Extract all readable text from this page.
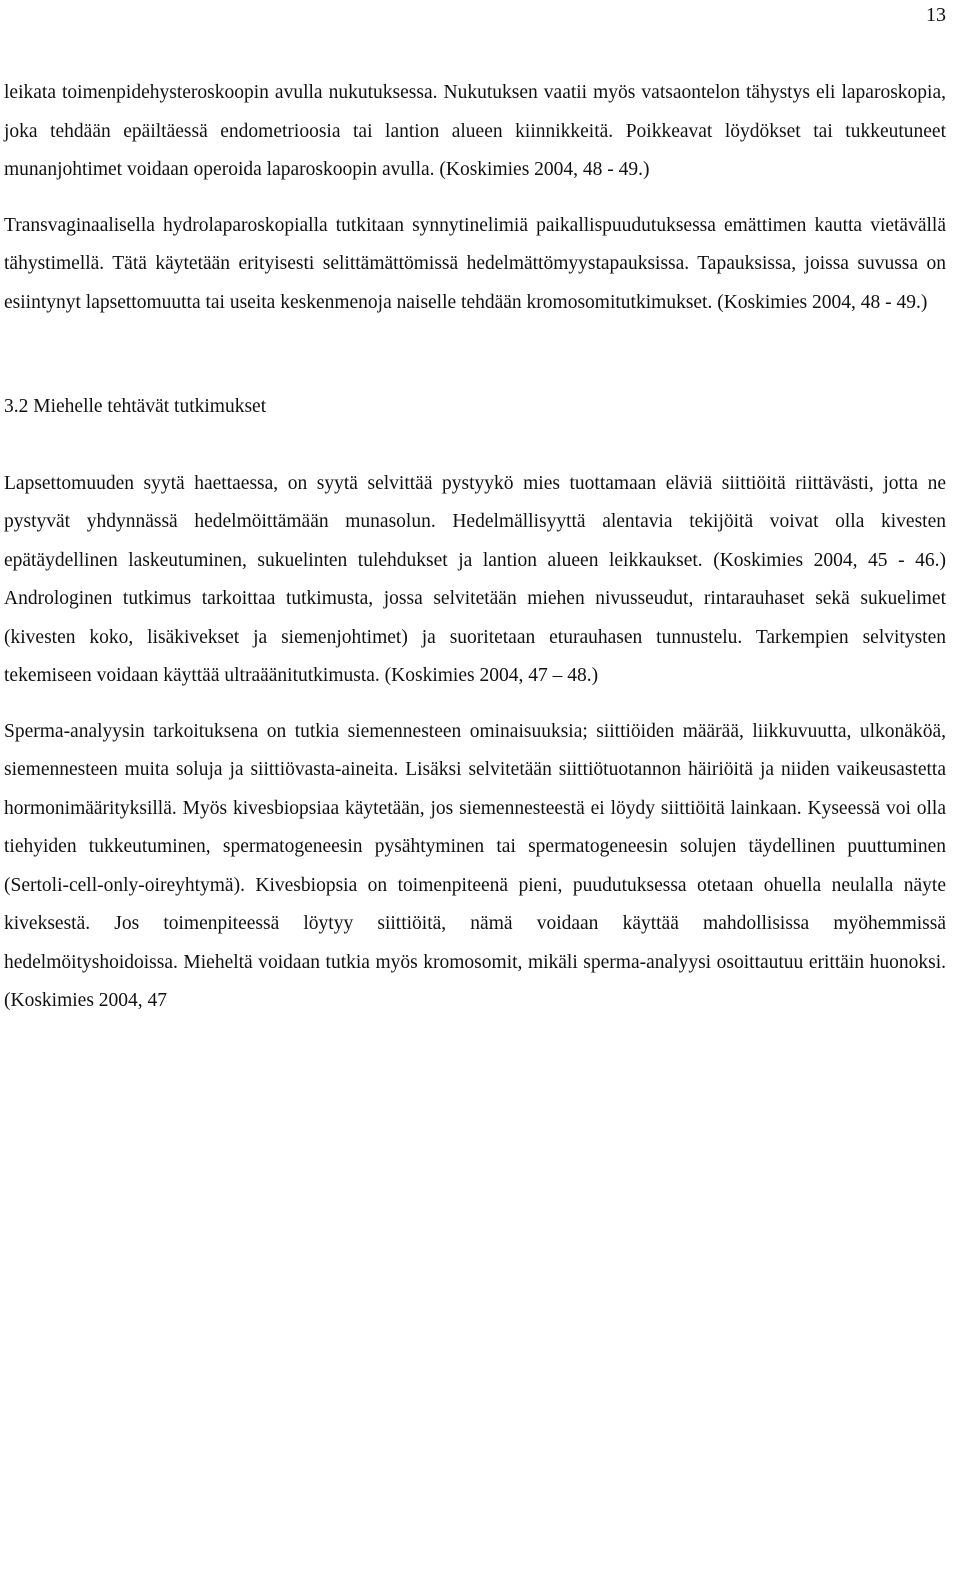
13

leikata toimenpidehysteroskoopin avulla nukutuksessa. Nukutuksen vaatii myös vatsaontelon tähystys eli laparoskopia, joka tehdään epäiltäessä endometrioosia tai lantion alueen kiinnikkeitä. Poikkeavat löydökset tai tukkeutuneet munanjohtimet voidaan operoida laparoskoopin avulla. (Koskimies 2004, 48 - 49.)

Transvaginaalisella hydrolaparoskopialla tutkitaan synnytinelimiä paikallispuudutuksessa emättimen kautta vietävällä tähystimellä. Tätä käytetään erityisesti selittämättömissä hedelmättömyystapauksissa. Tapauksissa, joissa suvussa on esiintynyt lapsettomuutta tai useita keskenmenoja naiselle tehdään kromosomitutkimukset. (Koskimies 2004, 48 - 49.)

3.2 Miehelle tehtävät tutkimukset

Lapsettomuuden syytä haettaessa, on syytä selvittää pystyykö mies tuottamaan eläviä siittiöitä riittävästi, jotta ne pystyvät yhdynnässä hedelmöittämään munasolun. Hedelmällisyyttä alentavia tekijöitä voivat olla kivesten epätäydellinen laskeutuminen, sukuelinten tulehdukset ja lantion alueen leikkaukset. (Koskimies 2004, 45 - 46.) Androloginen tutkimus tarkoittaa tutkimusta, jossa selvitetään miehen nivusseudut, rintarauhaset sekä sukuelimet (kivesten koko, lisäkivekset ja siemenjohtimet) ja suoritetaan eturauhasen tunnustelu. Tarkempien selvitysten tekemiseen voidaan käyttää ultraäänitutkimusta. (Koskimies 2004, 47 – 48.)

Sperma-analyysin tarkoituksena on tutkia siemennesteen ominaisuuksia; siittiöiden määrää, liikkuvuutta, ulkonäköä, siemennesteen muita soluja ja siittiövasta-aineita. Lisäksi selvitetään siittiötuotannon häiriöitä ja niiden vaikeusastetta hormonimäärityksillä. Myös kivesbiopsiaa käytetään, jos siemennesteestä ei löydy siittiöitä lainkaan. Kyseessä voi olla tiehyiden tukkeutuminen, spermatogeneesin pysähtyminen tai spermatogeneesin solujen täydellinen puuttuminen (Sertoli-cell-only-oireyhtymä). Kivesbiopsia on toimenpiteenä pieni, puudutuksessa otetaan ohuella neulalla näyte kiveksestä. Jos toimenpiteessä löytyy siittiöitä, nämä voidaan käyttää mahdollisissa myöhemmissä hedelmöityshoidoissa. Mieheltä voidaan tutkia myös kromosomit, mikäli sperma-analyysi osoittautuu erittäin huonoksi. (Koskimies 2004, 47
